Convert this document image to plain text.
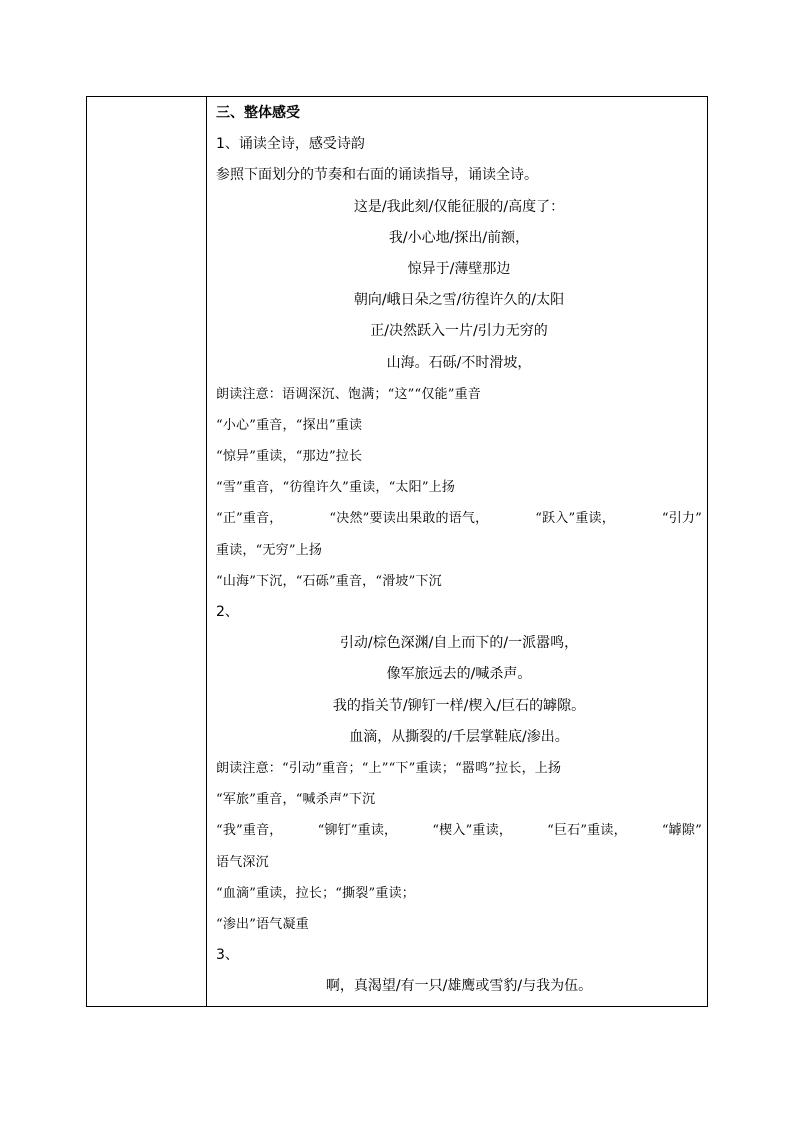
三、整体感受
1、诵读全诗，感受诗韵
参照下面划分的节奏和右面的诵读指导，诵读全诗。
这是/我此刻/仅能征服的/高度了：
我/小心地/探出/前额，
惊异于/薄壁那边
朝向/峨日朵之雪/彷徨许久的/太阳
正/决然跃入一片/引力无穷的
山海。石砾/不时滑坡，
朗读注意：语调深沉、饱满；“这”“仅能”重音
“小心”重音，“探出”重读
“惊异”重读，“那边”拉长
“雪”重音，“彷徨许久”重读，“太阳”上扬
“正”重音，	“决然”要读出果敢的语气，	“跃入”重读，	“引力”
重读，“无穷”上扬
“山海”下沉，“石砾”重音，“滑坡”下沉
2、
引动/棕色深渊/自上而下的/一派嚣鸣，
像军旅远去的/喊杀声。
我的指关节/铆钉一样/楔入/巨石的罅隙。
血滴，从撕裂的/千层掌鞋底/渗出。
朗读注意：“引动”重音；“上”“下”重读；“嚣鸣”拉长，上扬
“军旅”重音，“喊杀声”下沉
“我”重音，	“铆钉”重读，	“楔入”重读，	“巨石”重读，	“罅隙”
语气深沉
“血滴”重读，拉长；“撕裂”重读；
“渗出”语气凝重
3、
啊，真渴望/有一只/雄鹰或雪豹/与我为伍。
